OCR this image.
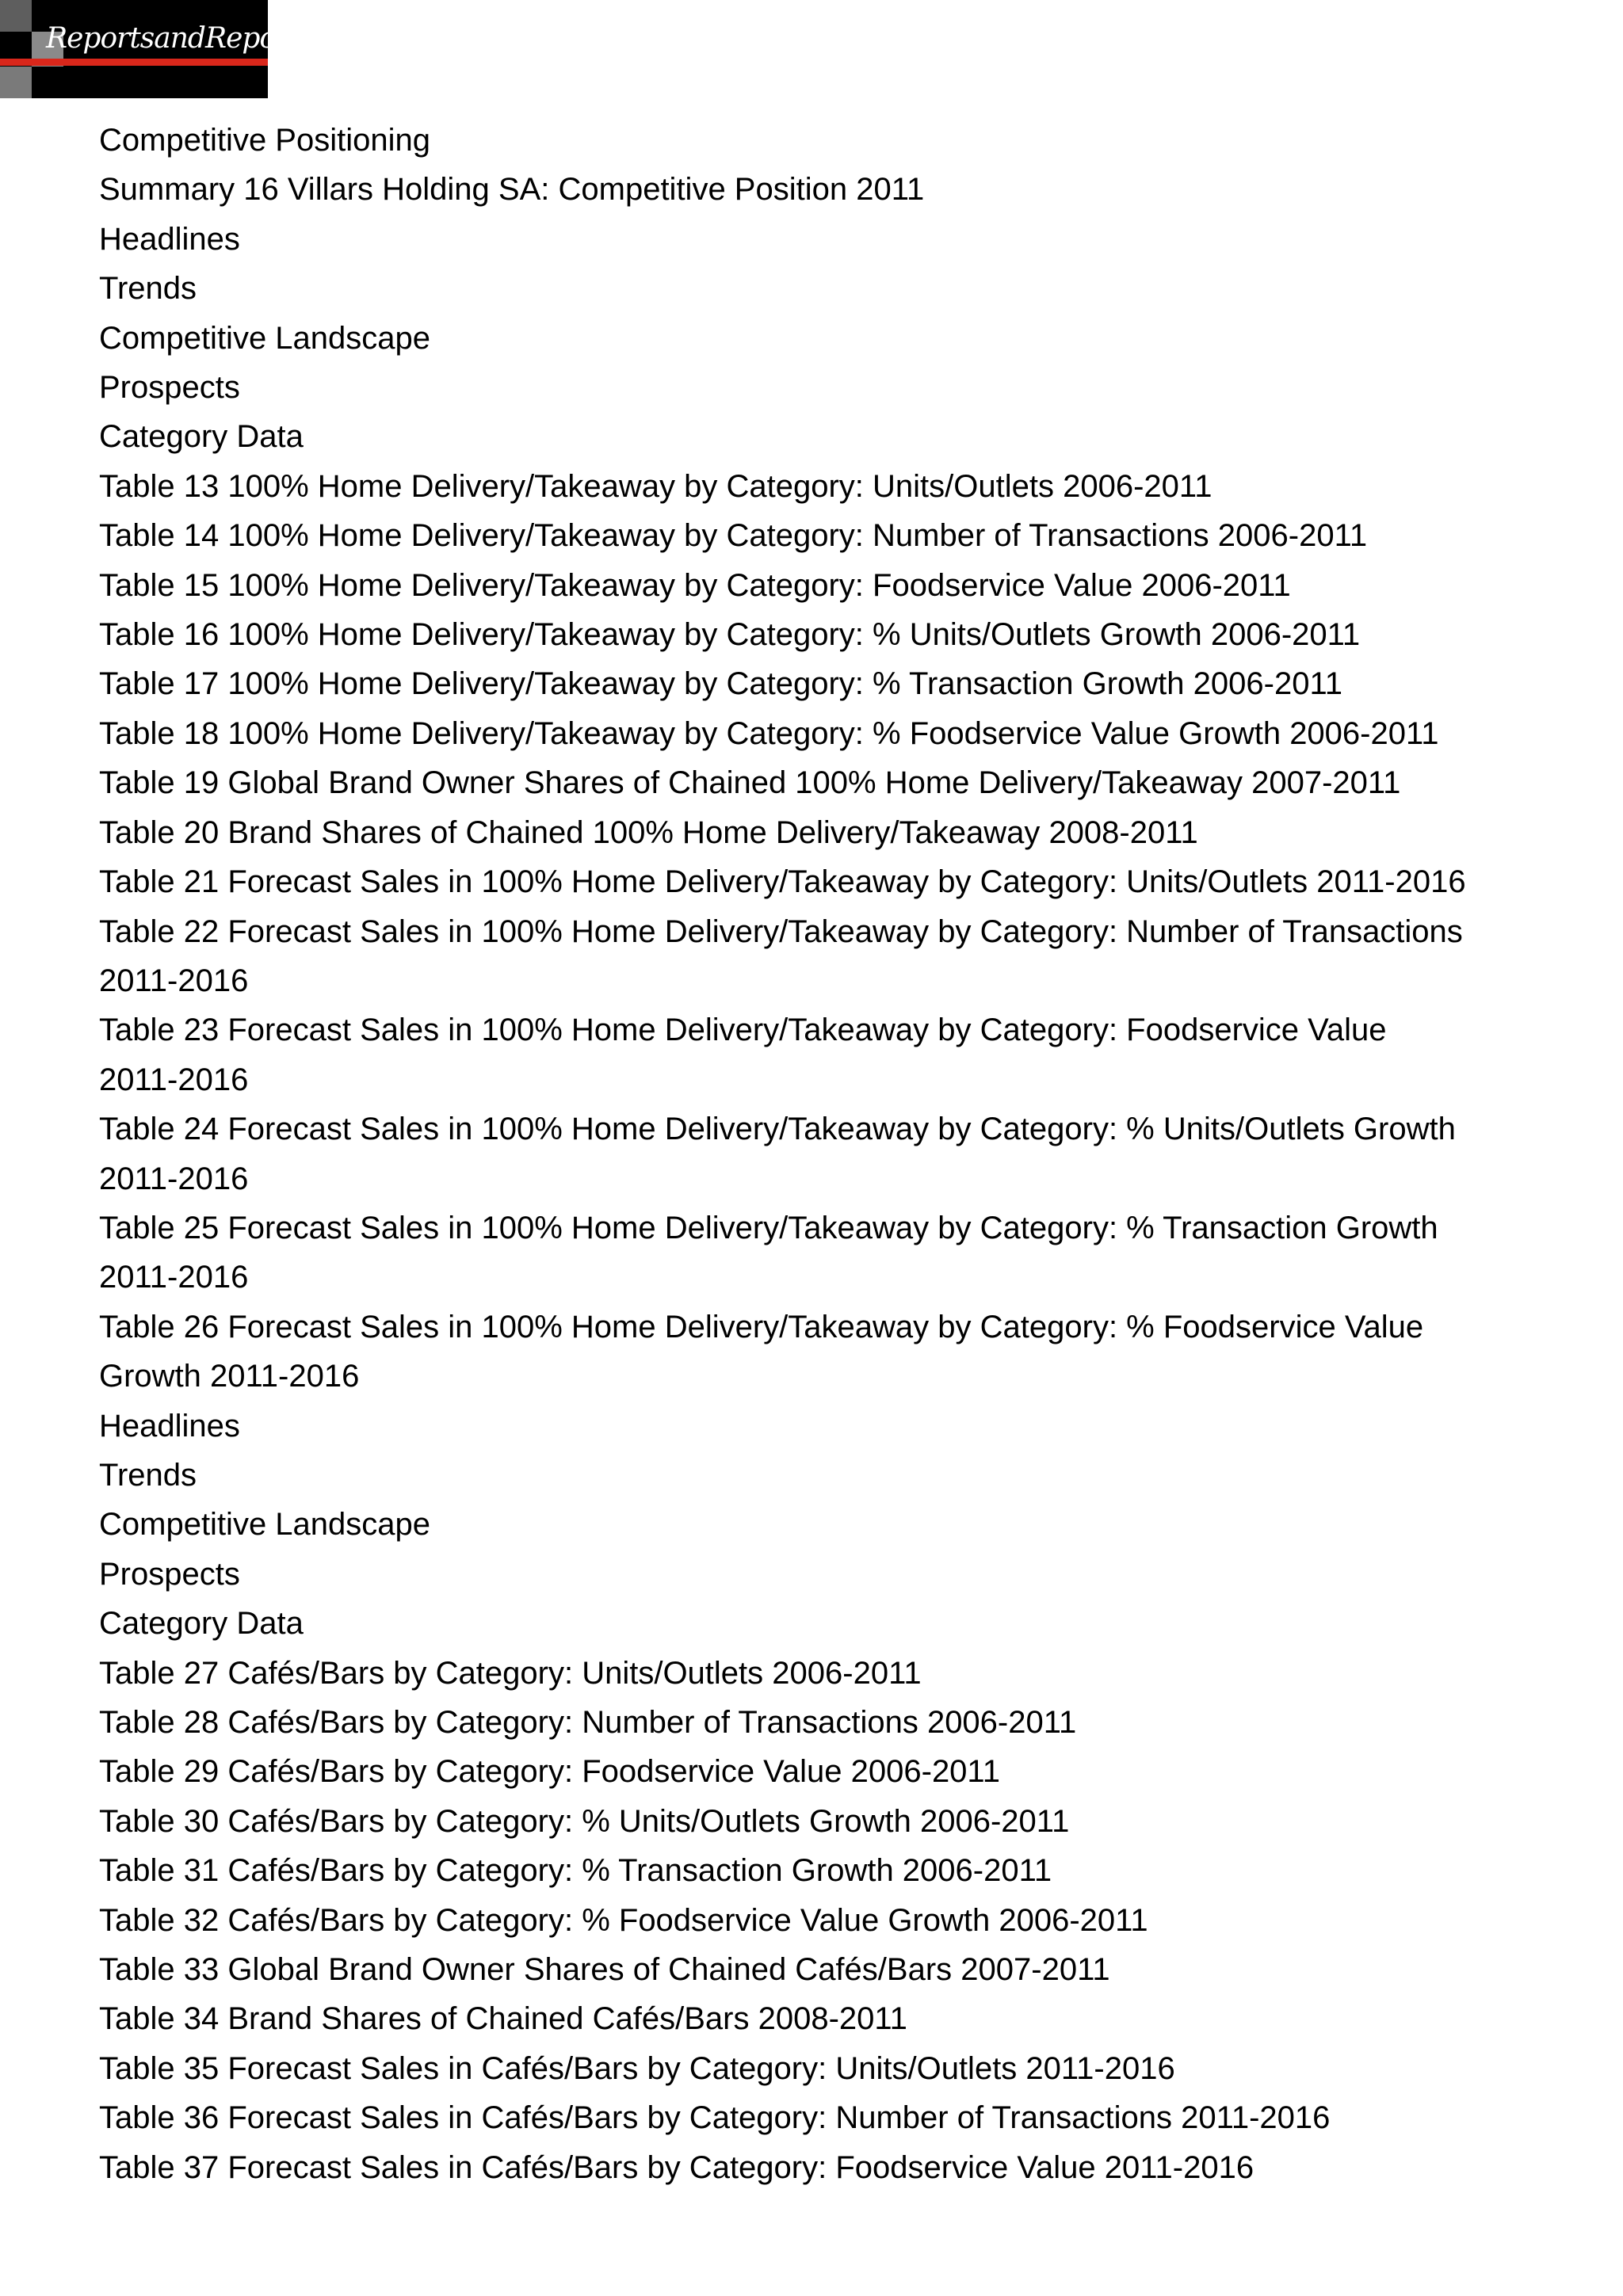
ReportsandReports
Competitive Positioning
Summary 16 Villars Holding SA: Competitive Position 2011
Headlines
Trends
Competitive Landscape
Prospects
Category Data
Table 13 100% Home Delivery/Takeaway by Category: Units/Outlets 2006-2011
Table 14 100% Home Delivery/Takeaway by Category: Number of Transactions 2006-2011
Table 15 100% Home Delivery/Takeaway by Category: Foodservice Value 2006-2011
Table 16 100% Home Delivery/Takeaway by Category: % Units/Outlets Growth 2006-2011
Table 17 100% Home Delivery/Takeaway by Category: % Transaction Growth 2006-2011
Table 18 100% Home Delivery/Takeaway by Category: % Foodservice Value Growth 2006-2011
Table 19 Global Brand Owner Shares of Chained 100% Home Delivery/Takeaway 2007-2011
Table 20 Brand Shares of Chained 100% Home Delivery/Takeaway 2008-2011
Table 21 Forecast Sales in 100% Home Delivery/Takeaway by Category: Units/Outlets 2011-2016
Table 22 Forecast Sales in 100% Home Delivery/Takeaway by Category: Number of Transactions
2011-2016
Table 23 Forecast Sales in 100% Home Delivery/Takeaway by Category: Foodservice Value
2011-2016
Table 24 Forecast Sales in 100% Home Delivery/Takeaway by Category: % Units/Outlets Growth
2011-2016
Table 25 Forecast Sales in 100% Home Delivery/Takeaway by Category: % Transaction Growth
2011-2016
Table 26 Forecast Sales in 100% Home Delivery/Takeaway by Category: % Foodservice Value
Growth 2011-2016
Headlines
Trends
Competitive Landscape
Prospects
Category Data
Table 27 Cafés/Bars by Category: Units/Outlets 2006-2011
Table 28 Cafés/Bars by Category: Number of Transactions 2006-2011
Table 29 Cafés/Bars by Category: Foodservice Value 2006-2011
Table 30 Cafés/Bars by Category: % Units/Outlets Growth 2006-2011
Table 31 Cafés/Bars by Category: % Transaction Growth 2006-2011
Table 32 Cafés/Bars by Category: % Foodservice Value Growth 2006-2011
Table 33 Global Brand Owner Shares of Chained Cafés/Bars 2007-2011
Table 34 Brand Shares of Chained Cafés/Bars 2008-2011
Table 35 Forecast Sales in Cafés/Bars by Category: Units/Outlets 2011-2016
Table 36 Forecast Sales in Cafés/Bars by Category: Number of Transactions 2011-2016
Table 37 Forecast Sales in Cafés/Bars by Category: Foodservice Value 2011-2016
